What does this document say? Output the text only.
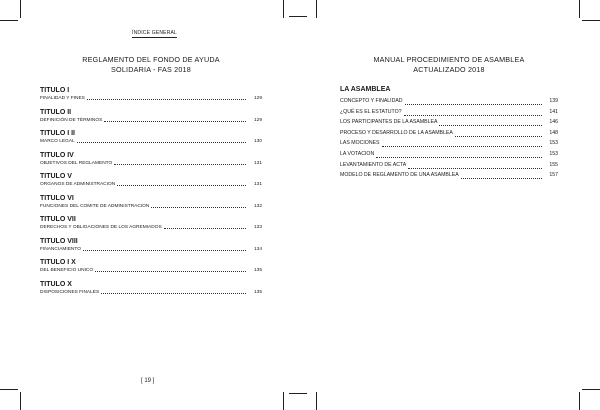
ÍNDICE GENERAL
REGLAMENTO DEL FONDO DE AYUDA
SOLIDARIA - FAS 2018
TITULO I
FINALIDAD Y FINES	129
TITULO II
DEFINICIÓN DE TÉRMINOS	129
TITULO I II
MARCO LEGAL	130
TITULO IV
OBJETIVOS DEL REGLAMENTO	131
TITULO V
ORGANOS DE ADMINISTRACION	131
TITULO VI
FUNCIONES DEL COMITE DE ADMINISTRACION	132
TITULO VII
DERECHOS Y OBLIGACIONES DE LOS AGREMIADOS	133
TITULO VIII
FINANCIAMIENTO	134
TITULO I X
DEL BENEFICIO UNICO	135
TITULO X
DISPOSICIONES FINALES	135
MANUAL PROCEDIMIENTO DE ASAMBLEA
ACTUALIZADO 2018
LA ASAMBLEA
CONCEPTO Y FINALIDAD	139
¿QUÉ ES EL ESTATUTO?	141
LOS PARTICIPANTES DE LA ASAMBLEA	146
PROCESO Y DESARROLLO DE LA ASAMBLEA	148
LAS MOCIONES	153
LA VOTACION	153
LEVANTAMIENTO DE ACTA	155
MODELO DE REGLAMENTO DE UNA ASAMBLEA	157
[ 19 ]
